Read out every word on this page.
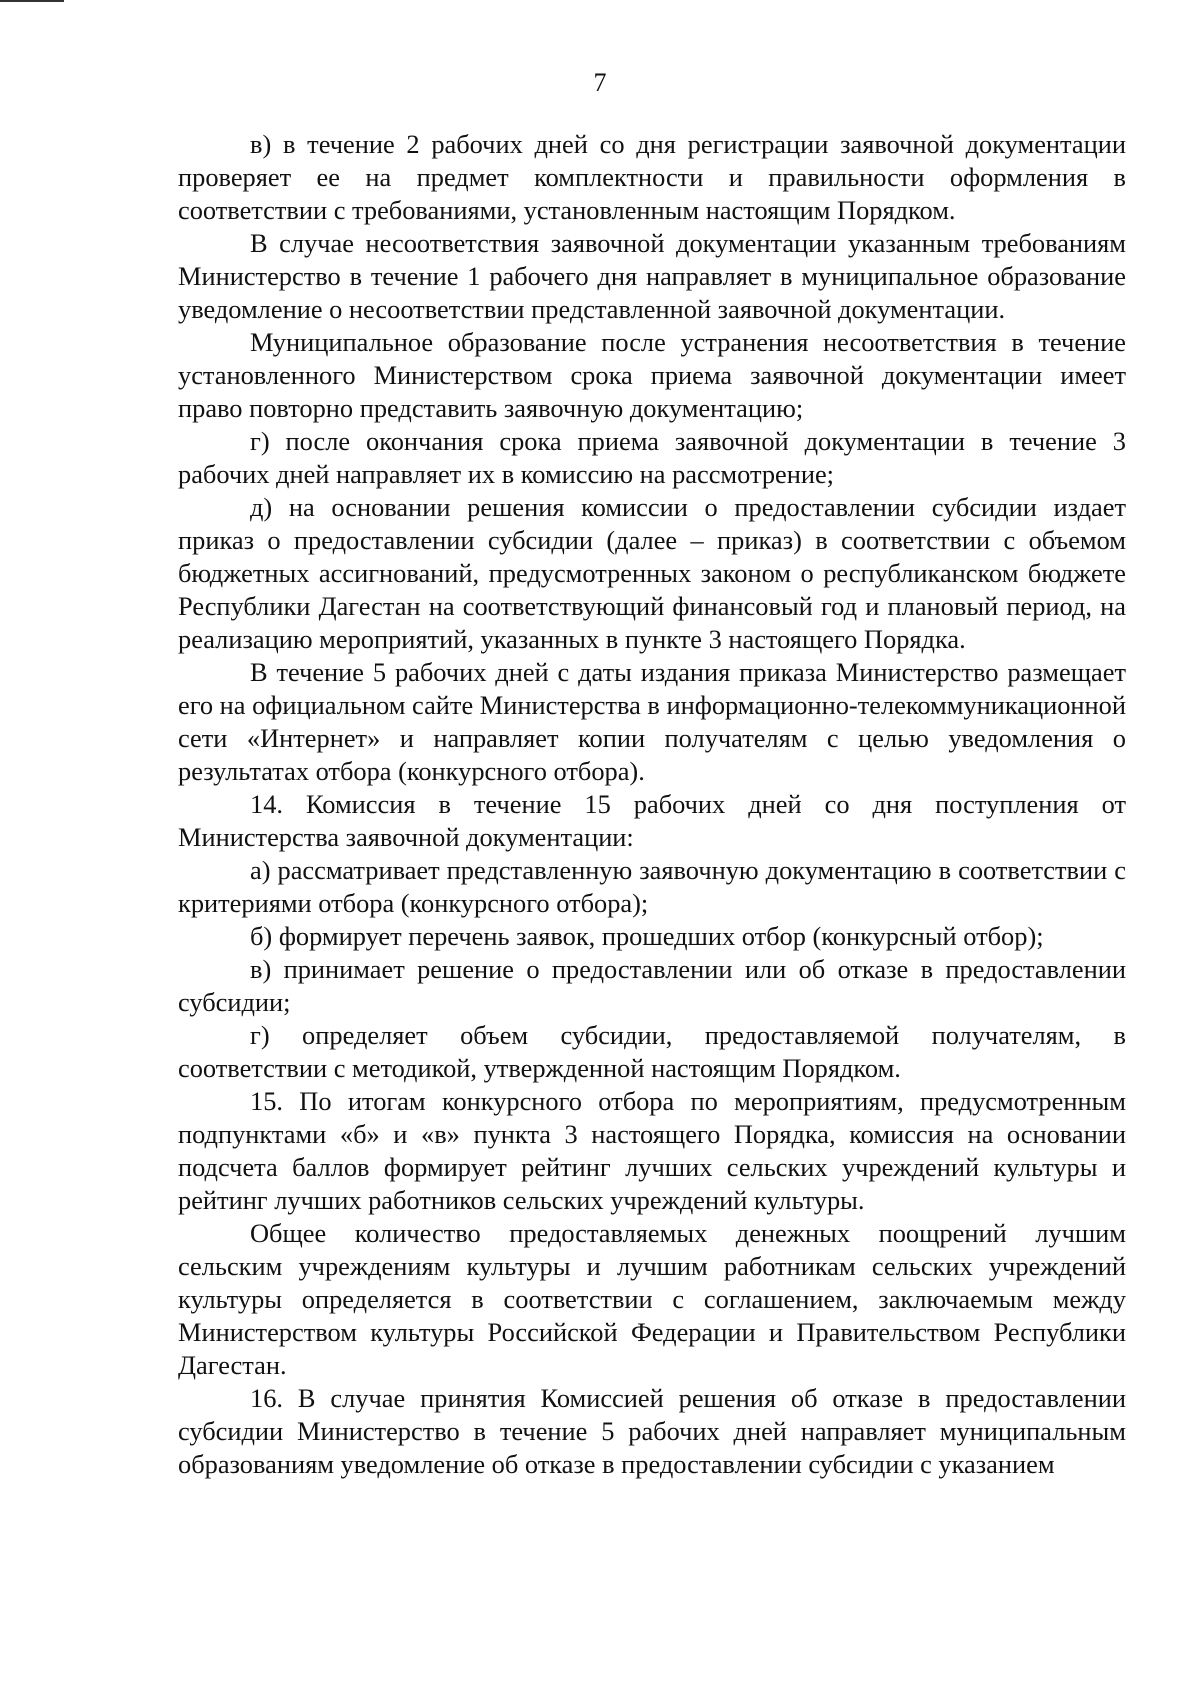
7

в) в течение 2 рабочих дней со дня регистрации заявочной документации проверяет ее на предмет комплектности и правильности оформления в соответствии с требованиями, установленным настоящим Порядком.

В случае несоответствия заявочной документации указанным требованиям Министерство в течение 1 рабочего дня направляет в муниципальное образование уведомление о несоответствии представленной заявочной документации.

Муниципальное образование после устранения несоответствия в течение установленного Министерством срока приема заявочной документации имеет право повторно представить заявочную документацию;

г) после окончания срока приема заявочной документации в течение 3 рабочих дней направляет их в комиссию на рассмотрение;

д) на основании решения комиссии о предоставлении субсидии издает приказ о предоставлении субсидии (далее – приказ) в соответствии с объемом бюджетных ассигнований, предусмотренных законом о республиканском бюджете Республики Дагестан на соответствующий финансовый год и плановый период, на реализацию мероприятий, указанных в пункте 3 настоящего Порядка.

В течение 5 рабочих дней с даты издания приказа Министерство размещает его на официальном сайте Министерства в информационно-телекоммуникационной сети «Интернет» и направляет копии получателям с целью уведомления о результатах отбора (конкурсного отбора).

14. Комиссия в течение 15 рабочих дней со дня поступления от Министерства заявочной документации:

а) рассматривает представленную заявочную документацию в соответствии с критериями отбора (конкурсного отбора);

б) формирует перечень заявок, прошедших отбор (конкурсный отбор);

в) принимает решение о предоставлении или об отказе в предоставлении субсидии;

г) определяет объем субсидии, предоставляемой получателям, в соответствии с методикой, утвержденной настоящим Порядком.

15. По итогам конкурсного отбора по мероприятиям, предусмотренным подпунктами «б» и «в» пункта 3 настоящего Порядка, комиссия на основании подсчета баллов формирует рейтинг лучших сельских учреждений культуры и рейтинг лучших работников сельских учреждений культуры.

Общее количество предоставляемых денежных поощрений лучшим сельским учреждениям культуры и лучшим работникам сельских учреждений культуры определяется в соответствии с соглашением, заключаемым между Министерством культуры Российской Федерации и Правительством Республики Дагестан.

16. В случае принятия Комиссией решения об отказе в предоставлении субсидии Министерство в течение 5 рабочих дней направляет муниципальным образованиям уведомление об отказе в предоставлении субсидии с указанием
